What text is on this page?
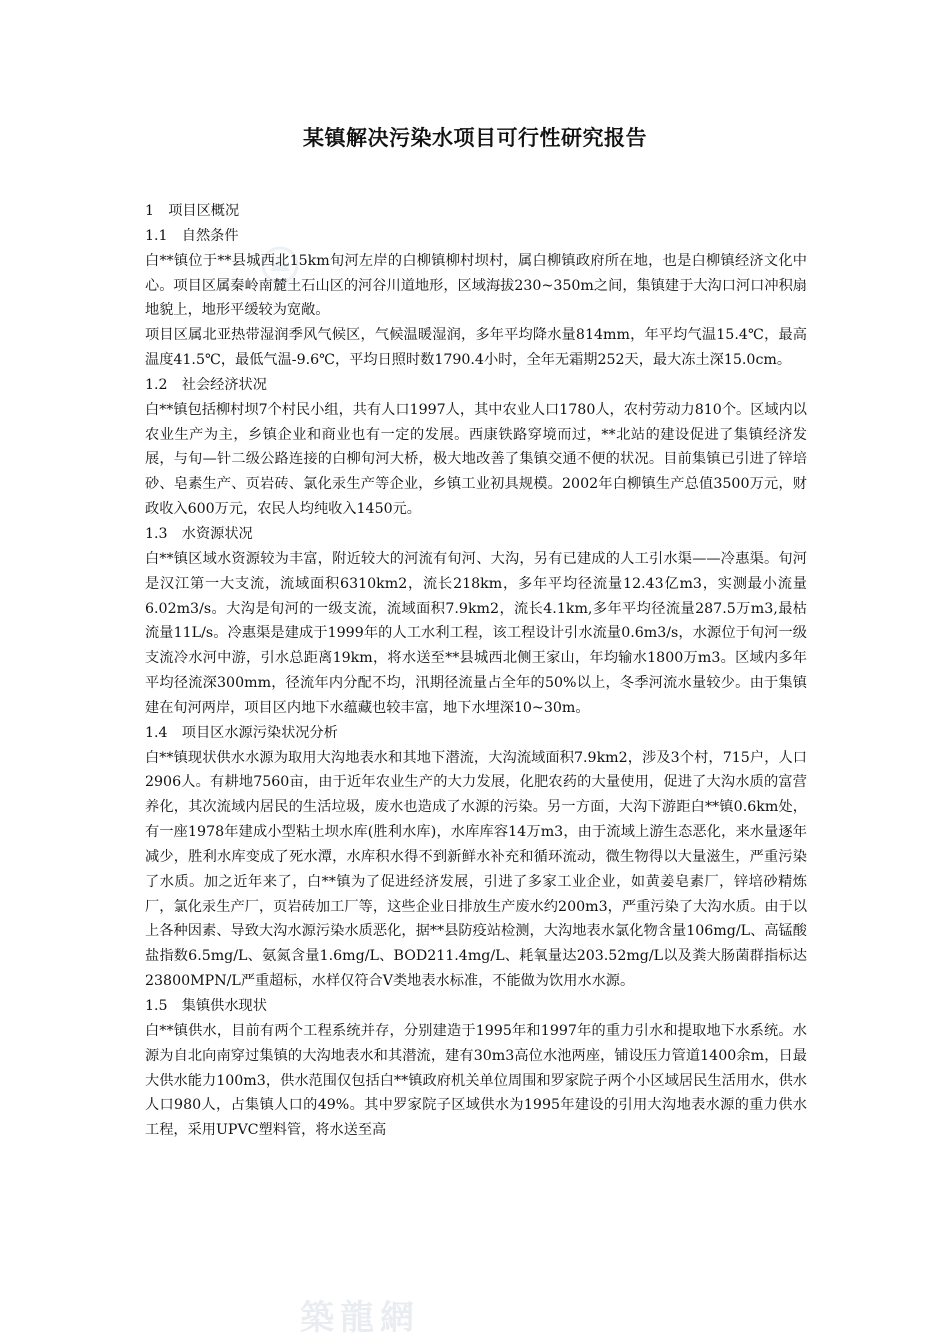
某镇解决污染水项目可行性研究报告

1　项目区概况

1.1　自然条件

白**镇位于**县城西北15km旬河左岸的白柳镇柳村坝村，属白柳镇政府所在地，也是白柳镇经济文化中心。项目区属秦岭南麓土石山区的河谷川道地形，区域海拔230~350m之间，集镇建于大沟口河口冲积扇地貌上，地形平缓较为宽敞。

项目区属北亚热带湿润季风气候区，气候温暖湿润，多年平均降水量814mm，年平均气温15.4℃，最高温度41.5℃，最低气温-9.6℃，平均日照时数1790.4小时，全年无霜期252天，最大冻土深15.0cm。

1.2　社会经济状况

白**镇包括柳村坝7个村民小组，共有人口1997人，其中农业人口1780人，农村劳动力810个。区域内以农业生产为主，乡镇企业和商业也有一定的发展。西康铁路穿境而过，**北站的建设促进了集镇经济发展，与旬—针二级公路连接的白柳旬河大桥，极大地改善了集镇交通不便的状况。目前集镇已引进了锌培砂、皂素生产、页岩砖、氯化汞生产等企业，乡镇工业初具规模。2002年白柳镇生产总值3500万元，财政收入600万元，农民人均纯收入1450元。

1.3　水资源状况

白**镇区域水资源较为丰富，附近较大的河流有旬河、大沟，另有已建成的人工引水渠——冷惠渠。旬河是汉江第一大支流，流域面积6310km2，流长218km，多年平均径流量12.43亿m3，实测最小流量6.02m3/s。大沟是旬河的一级支流，流域面积7.9km2，流长4.1km,多年平均径流量287.5万m3,最枯流量11L/s。冷惠渠是建成于1999年的人工水利工程，该工程设计引水流量0.6m3/s，水源位于旬河一级支流冷水河中游，引水总距离19km，将水送至**县城西北侧王家山，年均输水1800万m3。区域内多年平均径流深300mm，径流年内分配不均，汛期径流量占全年的50%以上，冬季河流水量较少。由于集镇建在旬河两岸，项目区内地下水蕴藏也较丰富，地下水埋深10~30m。

1.4　项目区水源污染状况分析

白**镇现状供水水源为取用大沟地表水和其地下潜流，大沟流域面积7.9km2，涉及3个村，715户，人口2906人。有耕地7560亩，由于近年农业生产的大力发展，化肥农药的大量使用，促进了大沟水质的富营养化，其次流域内居民的生活垃圾，废水也造成了水源的污染。另一方面，大沟下游距白**镇0.6km处，有一座1978年建成小型粘土坝水库(胜利水库)，水库库容14万m3，由于流域上游生态恶化，来水量逐年减少，胜利水库变成了死水潭，水库积水得不到新鲜水补充和循环流动，微生物得以大量滋生，严重污染了水质。加之近年来了，白**镇为了促进经济发展，引进了多家工业企业，如黄姜皂素厂，锌培砂精炼厂，氯化汞生产厂，页岩砖加工厂等，这些企业日排放生产废水约200m3，严重污染了大沟水质。由于以上各种因素、导致大沟水源污染水质恶化，据**县防疫站检测，大沟地表水氯化物含量106mg/L、高锰酸盐指数6.5mg/L、氨氮含量1.6mg/L、BOD211.4mg/L、耗氧量达203.52mg/L以及粪大肠菌群指标达23800MPN/L严重超标，水样仅符合V类地表水标准，不能做为饮用水水源。

1.5　集镇供水现状

白**镇供水，目前有两个工程系统并存，分别建造于1995年和1997年的重力引水和提取地下水系统。水源为自北向南穿过集镇的大沟地表水和其潜流，建有30m3高位水池两座，铺设压力管道1400余m，日最大供水能力100m3，供水范围仅包括白**镇政府机关单位周围和罗家院子两个小区域居民生活用水，供水人口980人，占集镇人口的49%。其中罗家院子区域供水为1995年建设的引用大沟地表水源的重力供水工程，采用UPVC塑料管，将水送至高

築龍網
